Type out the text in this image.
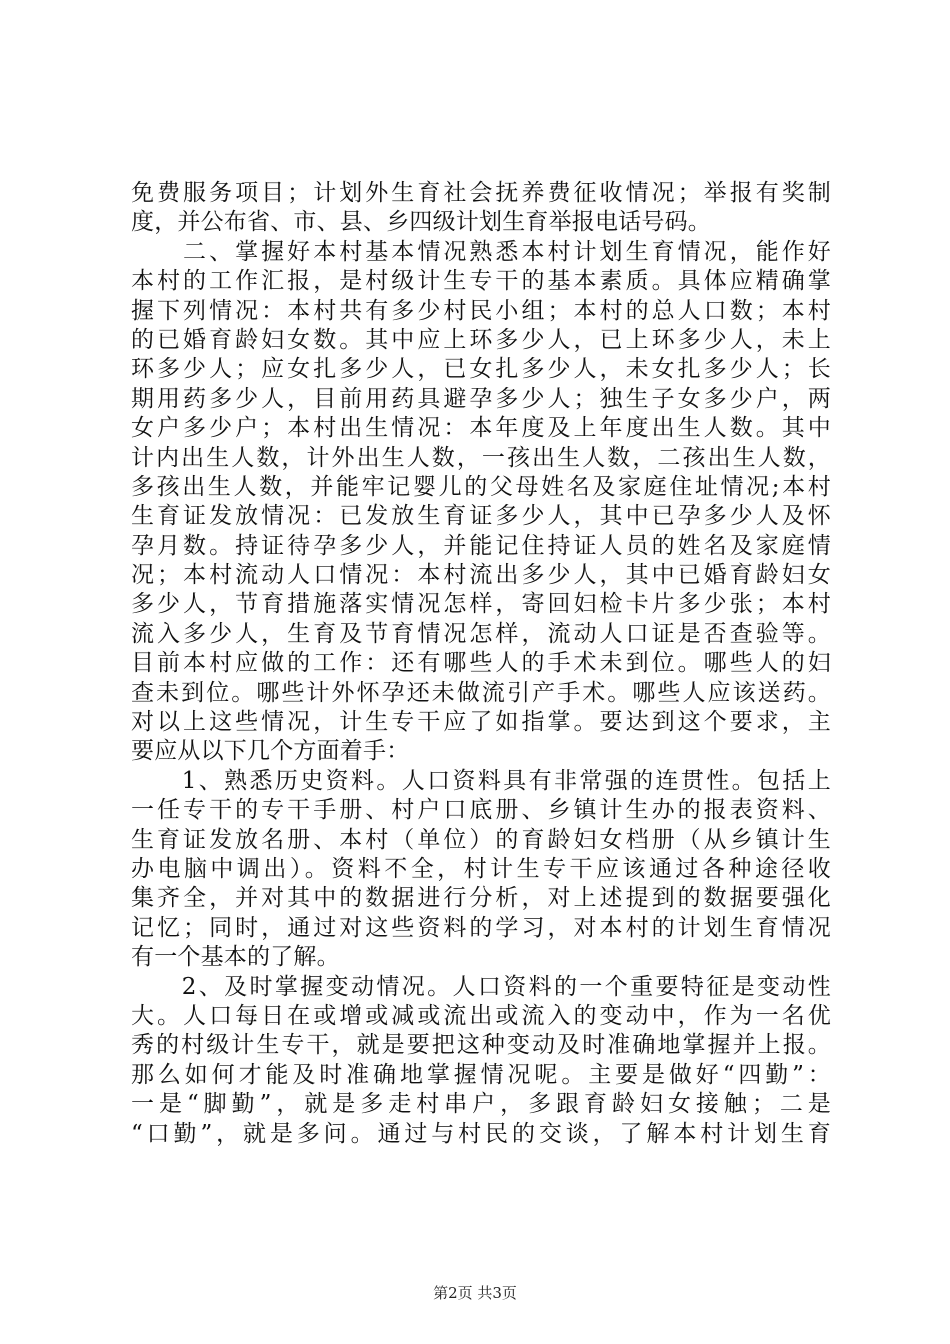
免费服务项目；计划外生育社会抚养费征收情况；举报有奖制
度，并公布省、市、县、乡四级计划生育举报电话号码。
　　二、掌握好本村基本情况熟悉本村计划生育情况，能作好
本村的工作汇报，是村级计生专干的基本素质。具体应精确掌
握下列情况：本村共有多少村民小组；本村的总人口数；本村
的已婚育龄妇女数。其中应上环多少人，已上环多少人，未上
环多少人；应女扎多少人，已女扎多少人，未女扎多少人；长
期用药多少人，目前用药具避孕多少人；独生子女多少户，两
女户多少户；本村出生情况：本年度及上年度出生人数。其中
计内出生人数，计外出生人数，一孩出生人数，二孩出生人数，
多孩出生人数，并能牢记婴儿的父母姓名及家庭住址情况;本村
生育证发放情况：已发放生育证多少人，其中已孕多少人及怀
孕月数。持证待孕多少人，并能记住持证人员的姓名及家庭情
况；本村流动人口情况：本村流出多少人，其中已婚育龄妇女
多少人，节育措施落实情况怎样，寄回妇检卡片多少张；本村
流入多少人，生育及节育情况怎样，流动人口证是否查验等。
目前本村应做的工作：还有哪些人的手术未到位。哪些人的妇
查未到位。哪些计外怀孕还未做流引产手术。哪些人应该送药。
对以上这些情况，计生专干应了如指掌。要达到这个要求，主
要应从以下几个方面着手：
　　1、熟悉历史资料。人口资料具有非常强的连贯性。包括上
一任专干的专干手册、村户口底册、乡镇计生办的报表资料、
生育证发放名册、本村（单位）的育龄妇女档册（从乡镇计生
办电脑中调出）。资料不全，村计生专干应该通过各种途径收
集齐全，并对其中的数据进行分析，对上述提到的数据要强化
记忆；同时，通过对这些资料的学习，对本村的计划生育情况
有一个基本的了解。
　　2、及时掌握变动情况。人口资料的一个重要特征是变动性
大。人口每日在或增或减或流出或流入的变动中，作为一名优
秀的村级计生专干，就是要把这种变动及时准确地掌握并上报。
那么如何才能及时准确地掌握情况呢。主要是做好“四勤”：
一是“脚勤”，就是多走村串户，多跟育龄妇女接触；二是
“口勤”，就是多问。通过与村民的交谈，了解本村计划生育
第2页 共3页
